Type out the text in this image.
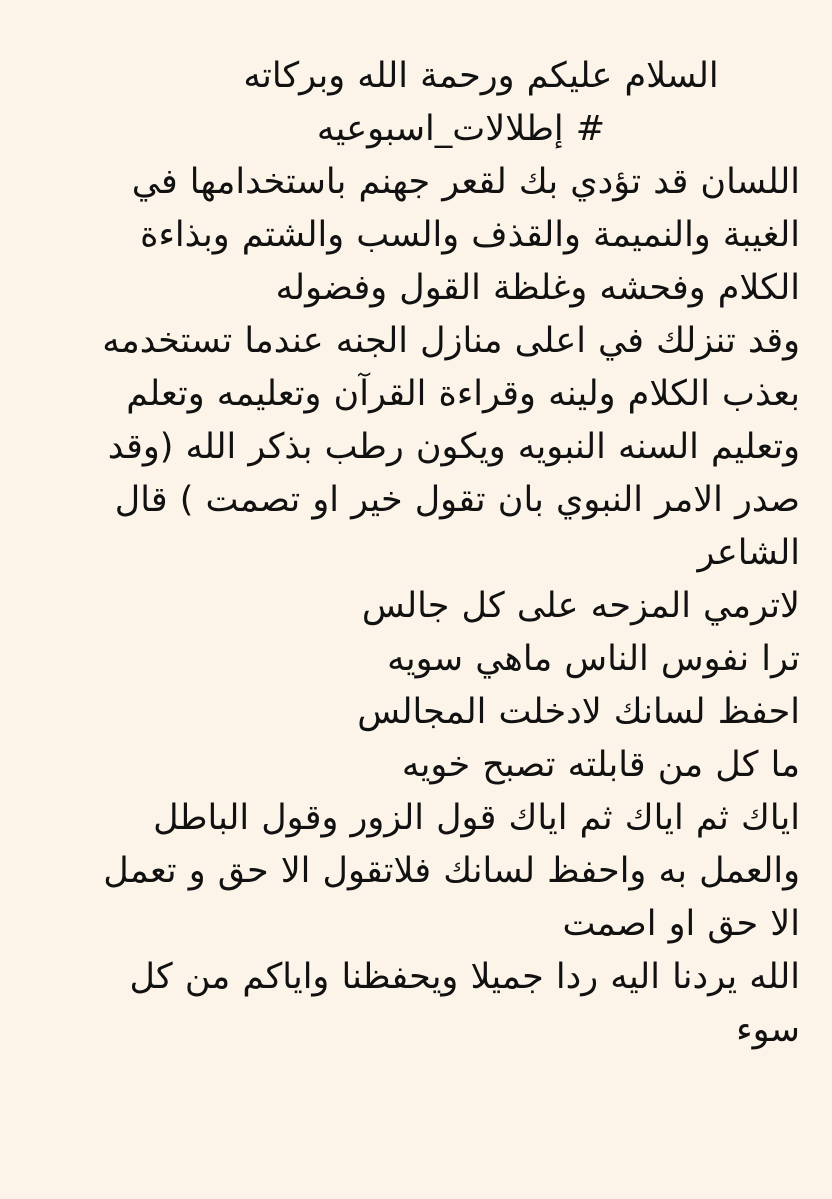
السلام عليكم ورحمة الله وبركاته
# إطلالات_اسبوعيه
اللسان قد تؤدي بك لقعر جهنم باستخدامها في
الغيبة والنميمة والقذف والسب والشتم وبذاءة
الكلام وفحشه وغلظة القول وفضوله
وقد تنزلك في اعلى منازل الجنه عندما تستخدمه
بعذب الكلام ولينه وقراءة القرآن وتعليمه وتعلم
وتعليم السنه النبويه ويكون رطب بذكر الله (وقد
صدر الامر النبوي بان تقول خير او تصمت ) قال
الشاعر
لاترمي المزحه على كل جالس
ترا نفوس الناس ماهي سويه
احفظ لسانك لادخلت المجالس
ما كل من قابلته تصبح خويه
اياك ثم اياك ثم اياك قول الزور وقول الباطل
والعمل به واحفظ لسانك فلاتقول الا حق و تعمل
الا حق او اصمت
الله يردنا اليه ردا جميلا ويحفظنا واياكم من كل
سوء
